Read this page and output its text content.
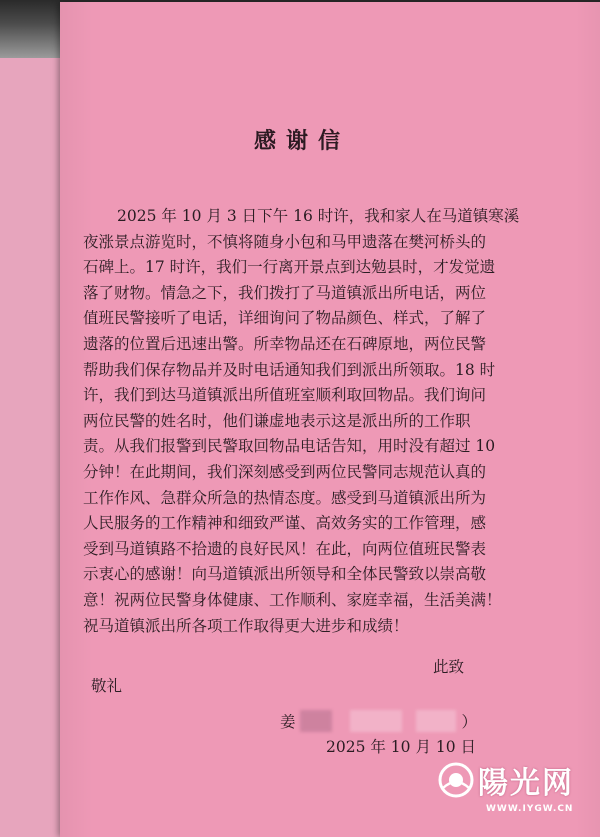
感谢信
2025 年 10 月 3 日下午 16 时许，我和家人在马道镇寒溪
夜涨景点游览时，不慎将随身小包和马甲遗落在樊河桥头的
石碑上。17 时许，我们一行离开景点到达勉县时，才发觉遗
落了财物。情急之下，我们拨打了马道镇派出所电话，两位
值班民警接听了电话，详细询问了物品颜色、样式，了解了
遗落的位置后迅速出警。所幸物品还在石碑原地，两位民警
帮助我们保存物品并及时电话通知我们到派出所领取。18 时
许，我们到达马道镇派出所值班室顺利取回物品。我们询问
两位民警的姓名时，他们谦虚地表示这是派出所的工作职
责。从我们报警到民警取回物品电话告知，用时没有超过 10
分钟！在此期间，我们深刻感受到两位民警同志规范认真的
工作作风、急群众所急的热情态度。感受到马道镇派出所为
人民服务的工作精神和细致严谨、高效务实的工作管理，感
受到马道镇路不拾遗的良好民风！在此，向两位值班民警表
示衷心的感谢！向马道镇派出所领导和全体民警致以崇高敬
意！祝两位民警身体健康、工作顺利、家庭幸福，生活美满！
祝马道镇派出所各项工作取得更大进步和成绩！
此致
敬礼
姜	）
2025 年 10 月 10 日
陽光网
WWW.IYGW.CN
